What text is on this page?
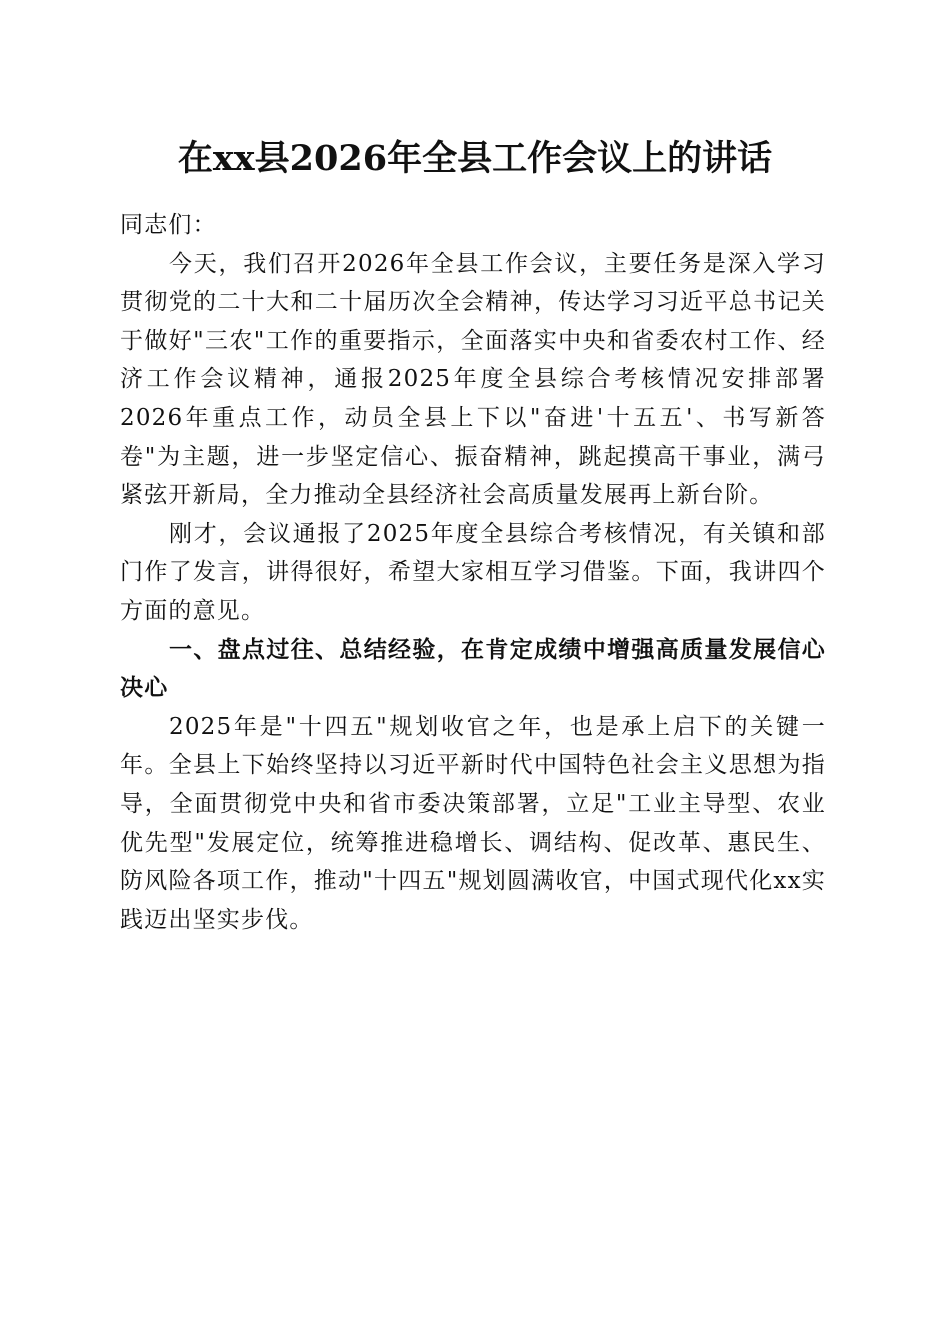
在xx县2026年全县工作会议上的讲话

同志们：

今天，我们召开2026年全县工作会议，主要任务是深入学习贯彻党的二十大和二十届历次全会精神，传达学习习近平总书记关于做好"三农"工作的重要指示，全面落实中央和省委农村工作、经济工作会议精神，通报2025年度全县综合考核情况安排部署2026年重点工作，动员全县上下以"奋进'十五五'、书写新答卷"为主题，进一步坚定信心、振奋精神，跳起摸高干事业，满弓紧弦开新局，全力推动全县经济社会高质量发展再上新台阶。

刚才，会议通报了2025年度全县综合考核情况，有关镇和部门作了发言，讲得很好，希望大家相互学习借鉴。下面，我讲四个方面的意见。

一、盘点过往、总结经验，在肯定成绩中增强高质量发展信心决心

2025年是"十四五"规划收官之年，也是承上启下的关键一年。全县上下始终坚持以习近平新时代中国特色社会主义思想为指导，全面贯彻党中央和省市委决策部署，立足"工业主导型、农业优先型"发展定位，统筹推进稳增长、调结构、促改革、惠民生、防风险各项工作，推动"十四五"规划圆满收官，中国式现代化xx实践迈出坚实步伐。
